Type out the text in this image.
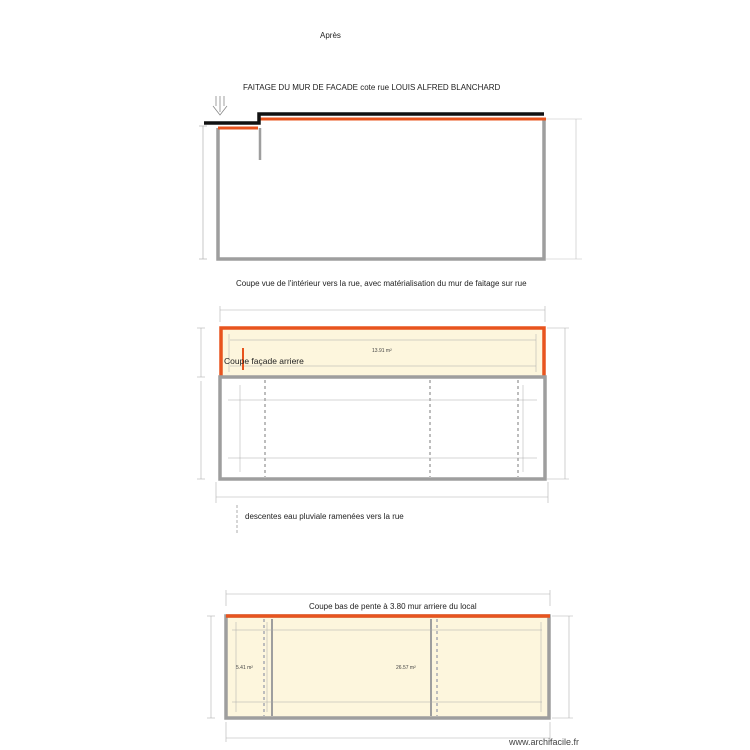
Après
FAITAGE DU MUR DE FACADE cote rue LOUIS ALFRED BLANCHARD
Coupe vue de l'intérieur vers la rue, avec matérialisation du mur de faitage sur rue
Coupe façade arriere
13.91 m²
descentes eau pluviale ramenées vers la rue
Coupe bas de pente à 3.80 mur arriere du local
26.57 m²
5.41 m²
www.archifacile.fr
